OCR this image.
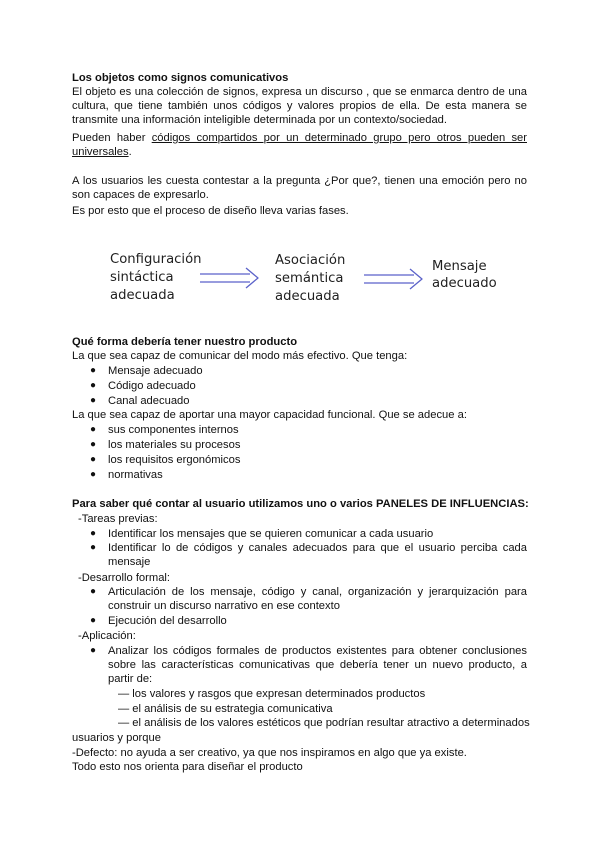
Los objetos como signos comunicativos
El objeto es una colección de signos, expresa un discurso , que se enmarca dentro de una cultura, que tiene también unos códigos y valores propios de ella. De esta manera se transmite una información inteligible determinada por un contexto/sociedad.
Pueden haber códigos compartidos por un determinado grupo pero otros pueden ser universales.
A los usuarios les cuesta contestar a la pregunta ¿Por que?, tienen una emoción pero no son capaces de expresarlo.
Es por esto que el proceso de diseño lleva varias fases.
Configuración
sintáctica
adecuada
Asociación
semántica
adecuada
Mensaje
adecuado
Qué forma debería tener nuestro producto
La que sea capaz de comunicar del modo más efectivo. Que tenga:
● Mensaje adecuado
● Código adecuado
● Canal adecuado
La que sea capaz de aportar una mayor capacidad funcional. Que se adecue a:
● sus componentes internos
● los materiales su procesos
● los requisitos ergonómicos
● normativas
Para saber qué contar al usuario utilizamos uno o varios PANELES DE INFLUENCIAS:
-Tareas previas:
● Identificar los mensajes que se quieren comunicar a cada usuario
● Identificar lo de códigos y canales adecuados para que el usuario perciba cada mensaje
-Desarrollo formal:
● Articulación de los mensaje, código y canal, organización y jerarquización para construir un discurso narrativo en ese contexto
● Ejecución del desarrollo
-Aplicación:
● Analizar los códigos formales de productos existentes para obtener conclusiones sobre las características comunicativas que debería tener un nuevo producto, a partir de:
— los valores y rasgos que expresan determinados productos
— el análisis de su estrategia comunicativa
— el análisis de los valores estéticos que podrían resultar atractivo a determinados
usuarios y porque
-Defecto: no ayuda a ser creativo, ya que nos inspiramos en algo que ya existe.
Todo esto nos orienta para diseñar el producto
